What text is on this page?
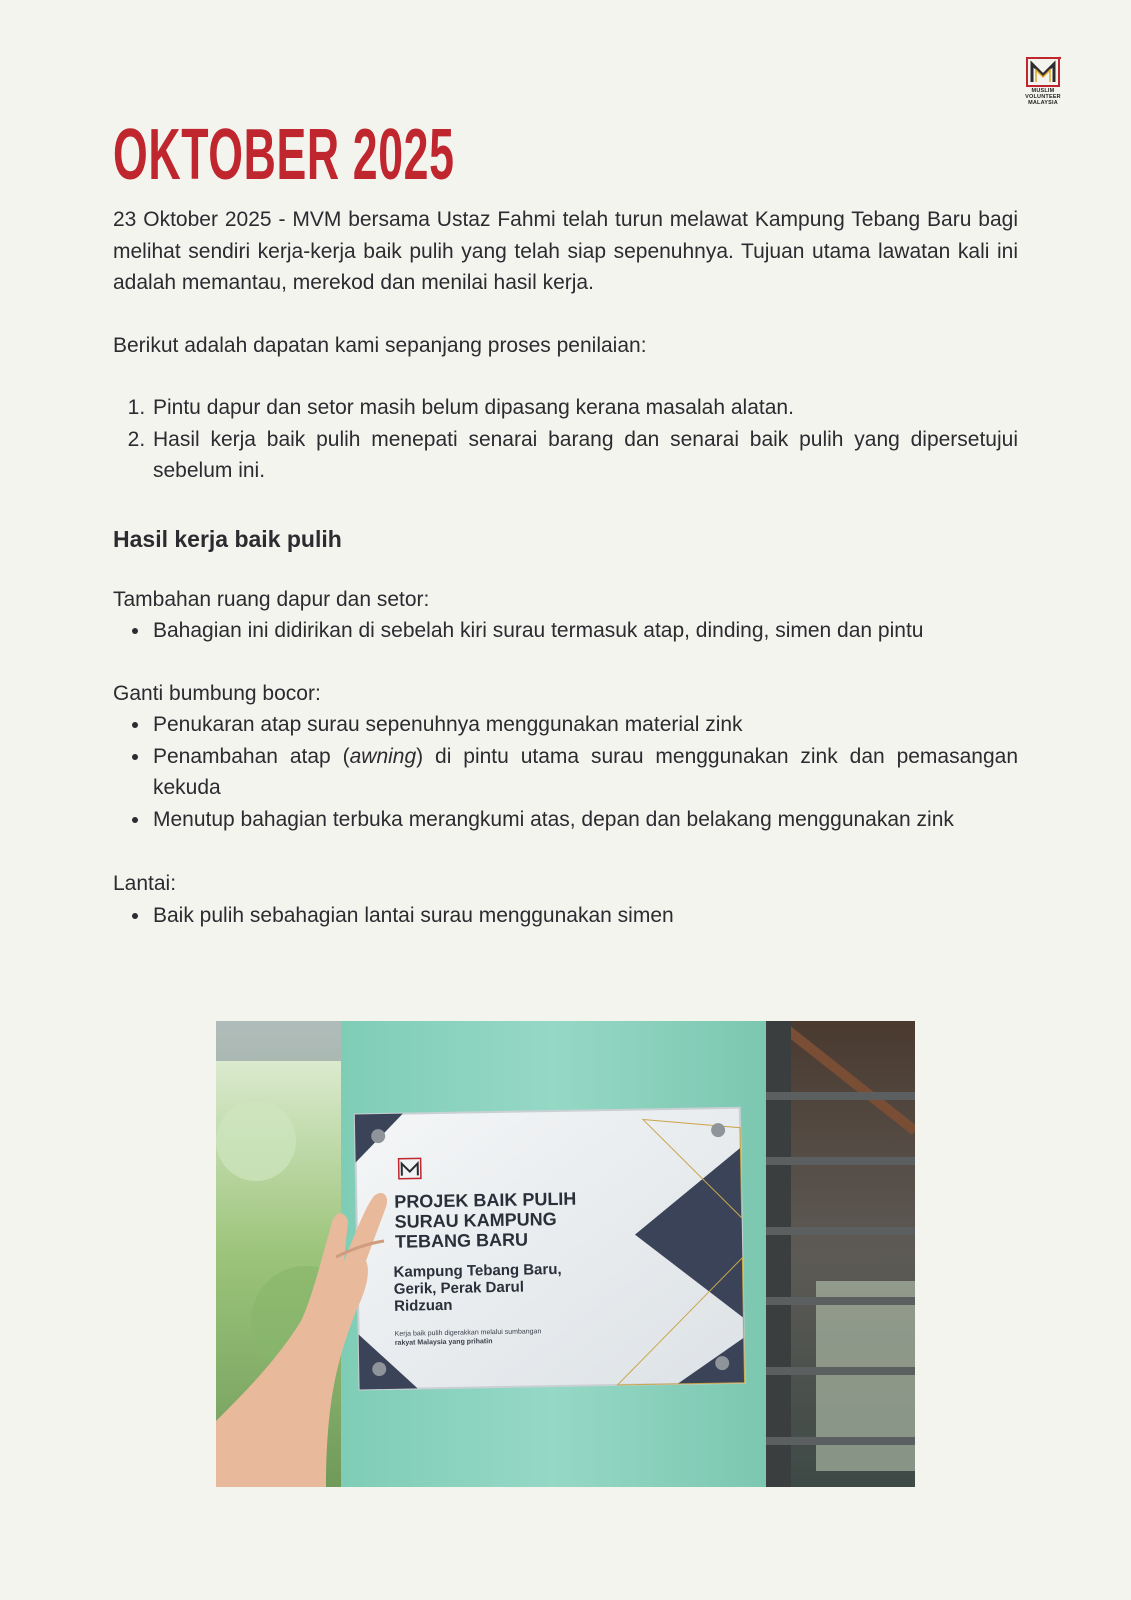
MUSLIM
VOLUNTEER
MALAYSIA
OKTOBER 2025

23 Oktober 2025 - MVM bersama Ustaz Fahmi telah turun melawat Kampung Tebang Baru bagi melihat sendiri kerja-kerja baik pulih yang telah siap sepenuhnya. Tujuan utama lawatan kali ini adalah memantau, merekod dan menilai hasil kerja.

Berikut adalah dapatan kami sepanjang proses penilaian:

1. Pintu dapur dan setor masih belum dipasang kerana masalah alatan.
2. Hasil kerja baik pulih menepati senarai barang dan senarai baik pulih yang dipersetujui sebelum ini.
Hasil kerja baik pulih

Tambahan ruang dapur dan setor:

• Bahagian ini didirikan di sebelah kiri surau termasuk atap, dinding, simen dan pintu

Ganti bumbung bocor:

• Penukaran atap surau sepenuhnya menggunakan material zink
• Penambahan atap (awning) di pintu utama surau menggunakan zink dan pemasangan kekuda
• Menutup bahagian terbuka merangkumi atas, depan dan belakang menggunakan zink

Lantai:

• Baik pulih sebahagian lantai surau menggunakan simen
PROJEK BAIK PULIH
SURAU KAMPUNG
TEBANG BARU
Kampung Tebang Baru,
Gerik, Perak Darul
Ridzuan
Kerja baik pulih digerakkan melalui sumbangan
rakyat Malaysia yang prihatin
